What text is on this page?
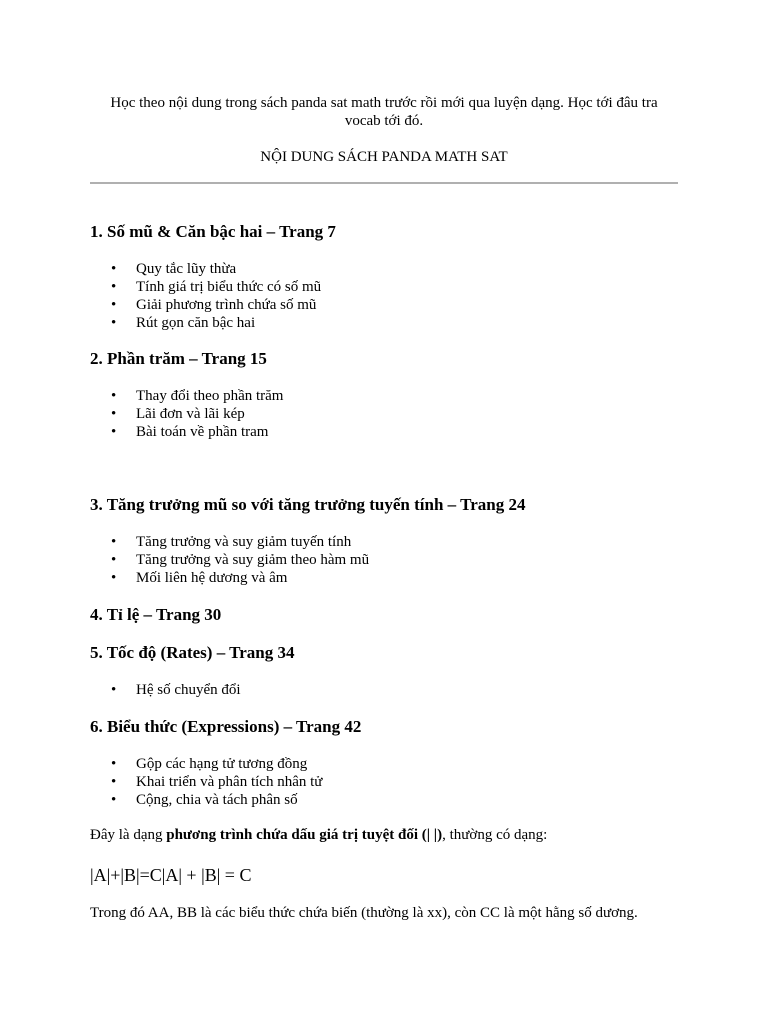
Học theo nội dung trong sách panda sat math trước rồi mới qua luyện dạng. Học tới đâu tra vocab tới đó.
NỘI DUNG SÁCH PANDA MATH SAT
1. Số mũ & Căn bậc hai – Trang 7
• Quy tắc lũy thừa
• Tính giá trị biểu thức có số mũ
• Giải phương trình chứa số mũ
• Rút gọn căn bậc hai
2. Phần trăm – Trang 15
• Thay đổi theo phần trăm
• Lãi đơn và lãi kép
• Bài toán về phần tram
3. Tăng trưởng mũ so với tăng trưởng tuyến tính – Trang 24
• Tăng trưởng và suy giảm tuyến tính
• Tăng trưởng và suy giảm theo hàm mũ
• Mối liên hệ dương và âm
4. Tỉ lệ – Trang 30
5. Tốc độ (Rates) – Trang 34
• Hệ số chuyển đổi
6. Biểu thức (Expressions) – Trang 42
• Gộp các hạng tử tương đồng
• Khai triển và phân tích nhân tử
• Cộng, chia và tách phân số
Đây là dạng phương trình chứa dấu giá trị tuyệt đối (| |), thường có dạng:
|A|+|B|=C|A| + |B| = C
Trong đó AA, BB là các biểu thức chứa biến (thường là xx), còn CC là một hằng số dương.
